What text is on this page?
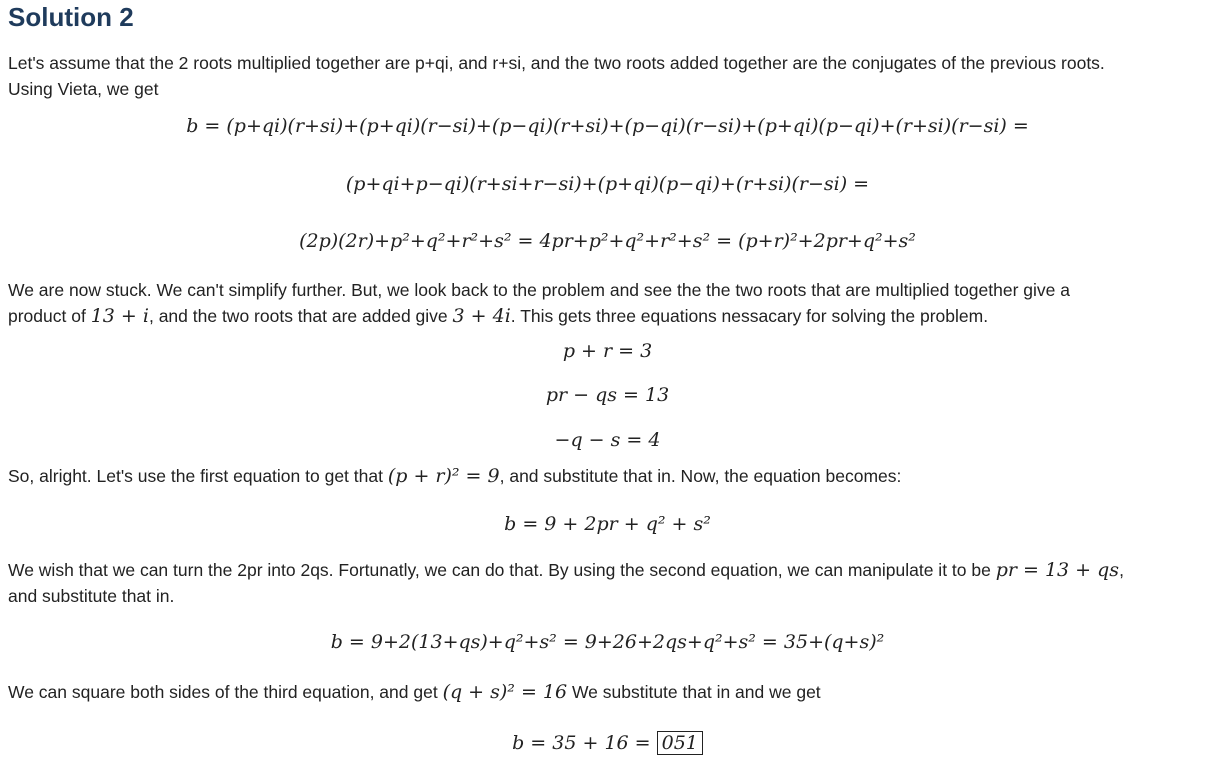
Solution 2

Let's assume that the 2 roots multiplied together are p+qi, and r+si, and the two roots added together are the conjugates of the previous roots.
Using Vieta, we get

b = (p+qi)(r+si)+(p+qi)(r−si)+(p−qi)(r+si)+(p−qi)(r−si)+(p+qi)(p−qi)+(r+si)(r−si) =
(p+qi+p−qi)(r+si+r−si)+(p+qi)(p−qi)+(r+si)(r−si) =
(2p)(2r)+p²+q²+r²+s² = 4pr+p²+q²+r²+s² = (p+r)²+2pr+q²+s²

We are now stuck. We can't simplify further. But, we look back to the problem and see the the two roots that are multiplied together give a
product of 13 + i, and the two roots that are added give 3 + 4i. This gets three equations nessacary for solving the problem.

p + r = 3
pr − qs = 13
−q − s = 4

So, alright. Let's use the first equation to get that (p + r)² = 9, and substitute that in. Now, the equation becomes:

b = 9 + 2pr + q² + s²

We wish that we can turn the 2pr into 2qs. Fortunatly, we can do that. By using the second equation, we can manipulate it to be pr = 13 + qs,
and substitute that in.

b = 9+2(13+qs)+q²+s² = 9+26+2qs+q²+s² = 35+(q+s)²

We can square both sides of the third equation, and get (q + s)² = 16 We substitute that in and we get

b = 35 + 16 = 051
